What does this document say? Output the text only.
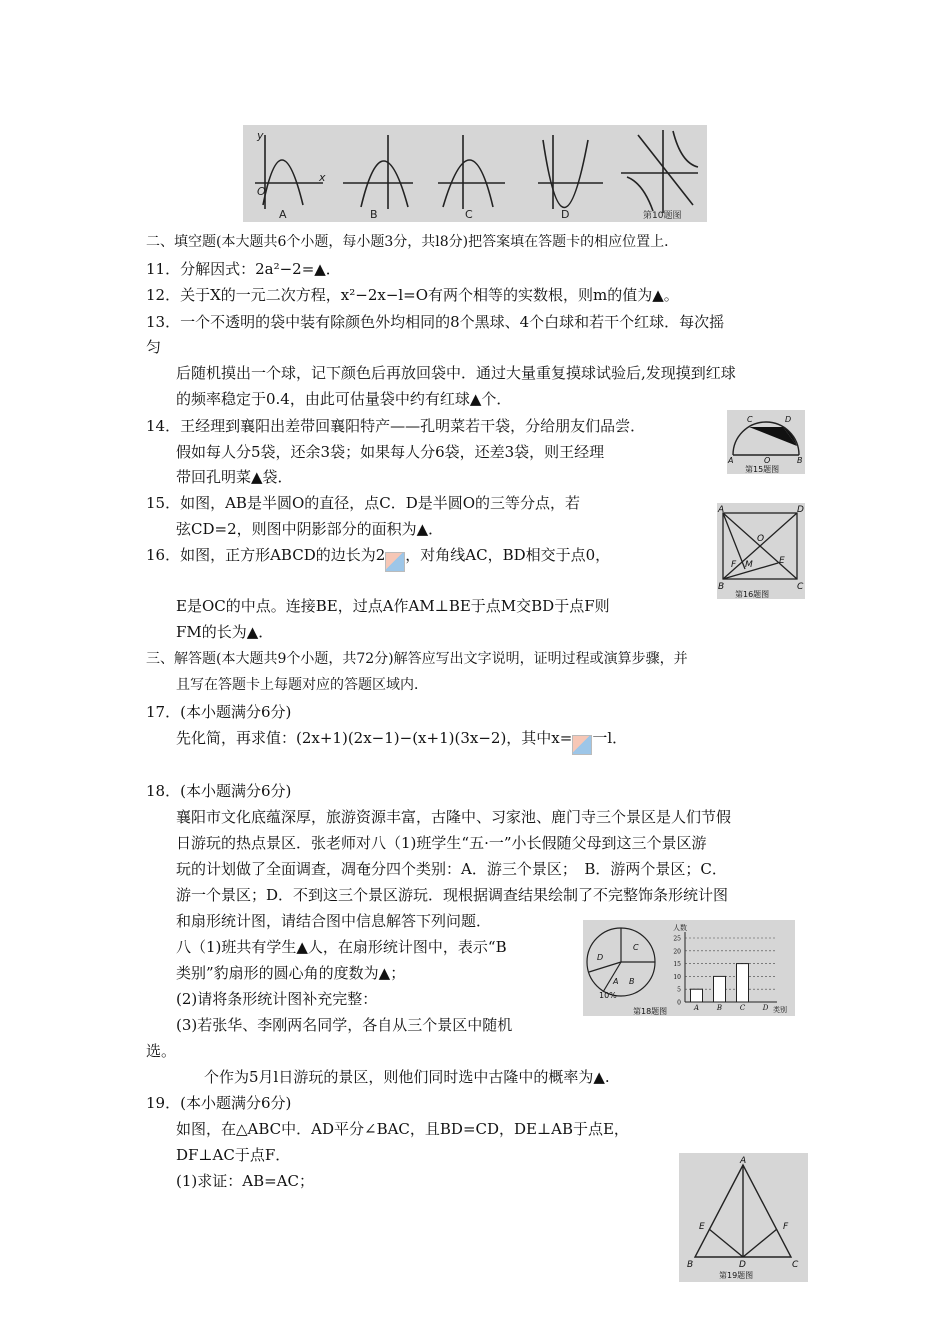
y
x
O
A	B	C	D	第10题图
二、填空题(本大题共6个小题，每小题3分，共l8分)把答案填在答题卡的相应位置上．
11．分解因式：2a²−2=▲．
12．关于X的一元二次方程，x²−2x−l=O有两个相等的实数根，则m的值为▲。
13．一个不透明的袋中装有除颜色外均相同的8个黑球、4个白球和若干个红球．每次摇
匀
后随机摸出一个球，记下颜色后再放回袋中．通过大量重复摸球试验后,发现摸到红球
的频率稳定于0.4，由此可估量袋中约有红球▲个．
14．王经理到襄阳出差带回襄阳特产——孔明菜若干袋，分给朋友们品尝．
假如每人分5袋，还余3袋；如果每人分6袋，还差3袋，则王经理
带回孔明菜▲袋．
C	D
A	O	B
第15题图
15．如图，AB是半圆O的直径，点C．D是半圆O的三等分点，若
弦CD=2，则图中阴影部分的面积为▲．
A	D
O
E
F M
B	C
第16题图
16．如图，正方形ABCD的边长为2 ，对角线AC，BD相交于点0，
E是OC的中点。连接BE，过点A作AM⊥BE于点M交BD于点F则
FM的长为▲．
三、解答题(本大题共9个小题，共72分)解答应写出文字说明，证明过程或演算步骤，并
且写在答题卡上每题对应的答题区域内．
17．(本小题满分6分)
先化简，再求值：(2x+1)(2x−1)−(x+1)(3x−2)，其中x= 一l．
18．(本小题满分6分)
襄阳市文化底蕴深厚，旅游资源丰富，古隆中、习家池、鹿门寺三个景区是人们节假
日游玩的热点景区．张老师对八（1)班学生“五·一”小长假随父母到这三个景区游
玩的计划做了全面调查，凋奄分四个类别：A．游三个景区；　B．游两个景区；C．
游一个景区；D．不到这三个景区游玩．现根据调查结果绘制了不完整饰条形统计图
和扇形统计图，请结合图中信息解答下列问题．
八（1)班共有学生▲人，在扇形统计图中，表示“B
类别”豹扇形的圆心角的度数为▲；
(2)请将条形统计图补充完整：
(3)若张华、李刚两名同学，各自从三个景区中随机
选。
个作为5月l日游玩的景区，则他们同时选中古隆中的概率为▲.
C
D
A B
10%
25
20
15
10
5
0
A	B	C	D
人数
类别
第18题图
19．(本小题满分6分)
如图，在△ABC中．AD平分∠BAC，且BD=CD，DE⊥AB于点E，
DF⊥AC于点F．
(1)求证：AB=AC；
A
E	F
B	D	C
第19题图
